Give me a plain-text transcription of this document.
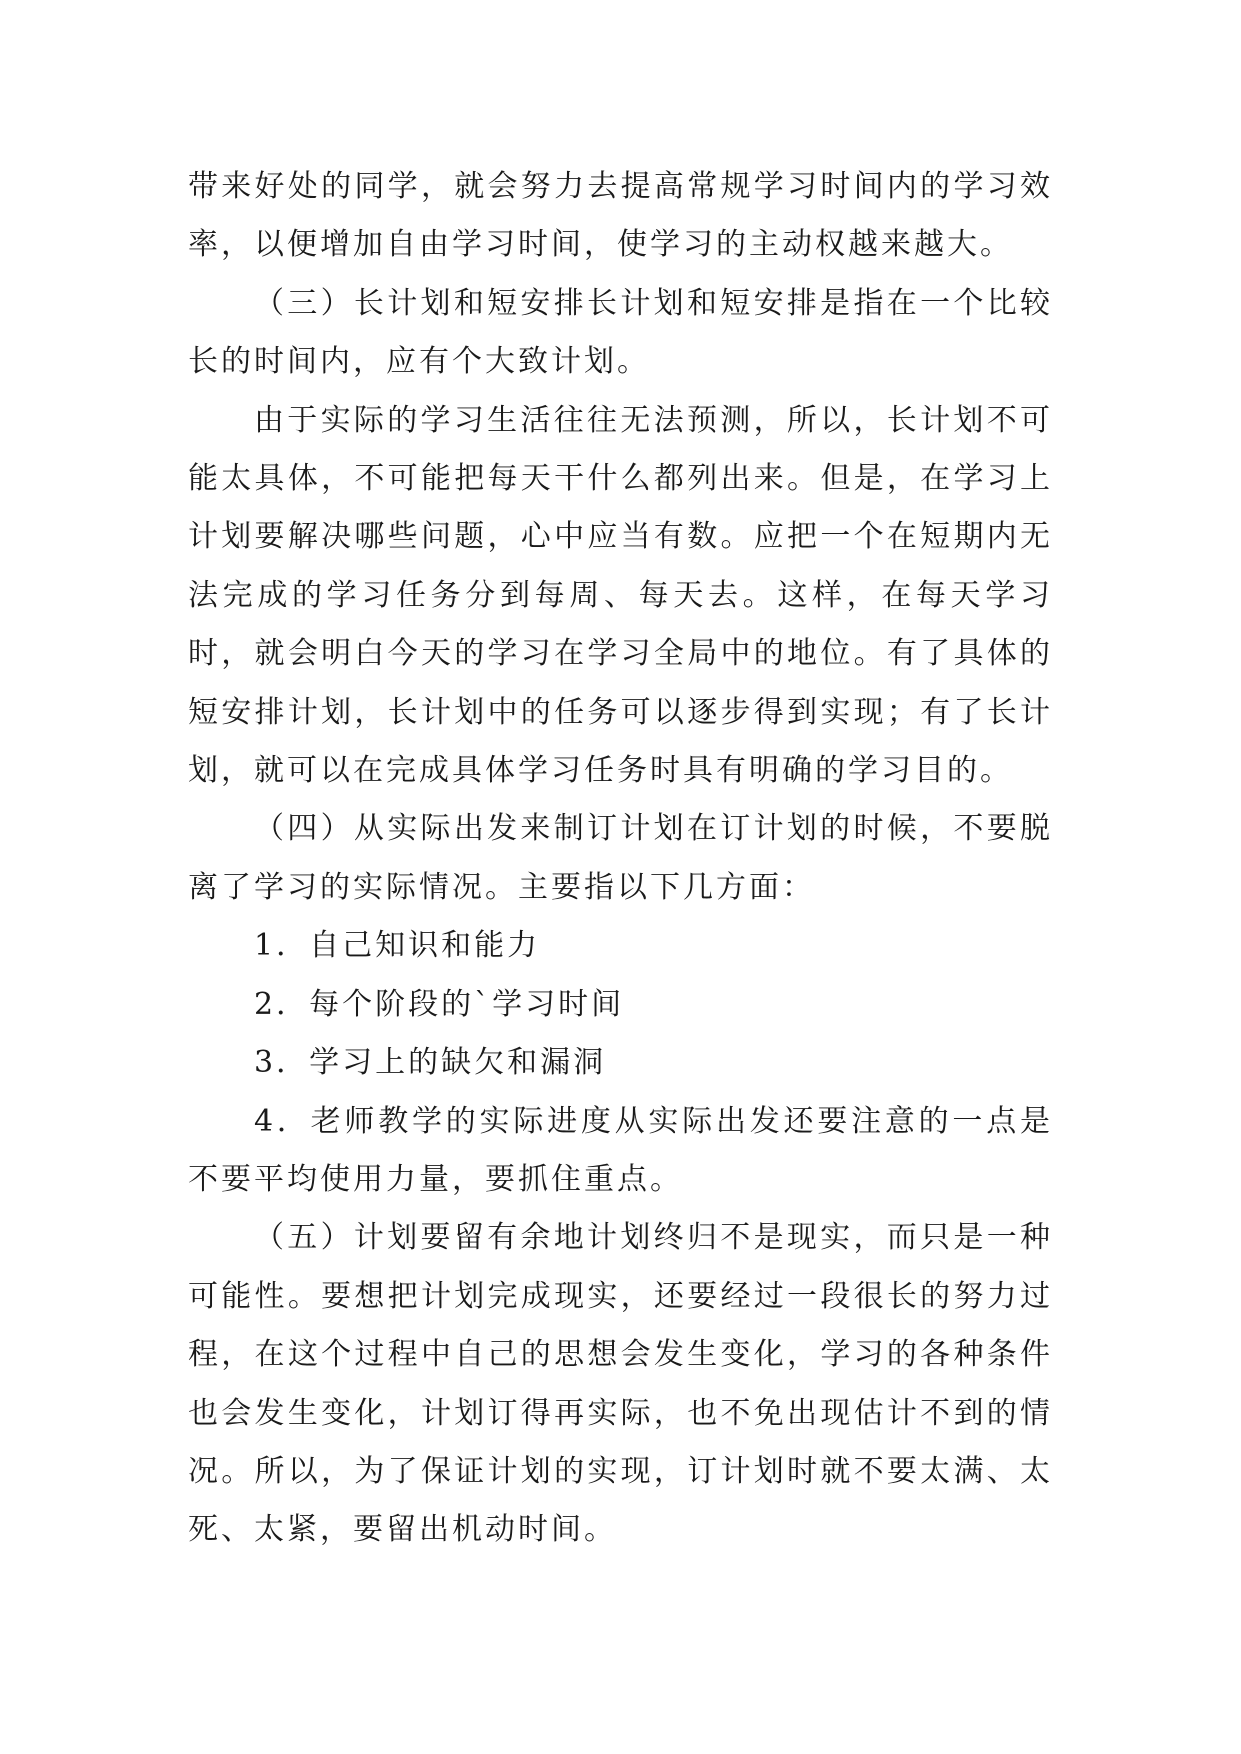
带来好处的同学，就会努力去提高常规学习时间内的学习效率，以便增加自由学习时间，使学习的主动权越来越大。

（三）长计划和短安排长计划和短安排是指在一个比较长的时间内，应有个大致计划。

由于实际的学习生活往往无法预测，所以，长计划不可能太具体，不可能把每天干什么都列出来。但是，在学习上计划要解决哪些问题，心中应当有数。应把一个在短期内无法完成的学习任务分到每周、每天去。这样，在每天学习时，就会明白今天的学习在学习全局中的地位。有了具体的短安排计划，长计划中的任务可以逐步得到实现；有了长计划，就可以在完成具体学习任务时具有明确的学习目的。

（四）从实际出发来制订计划在订计划的时候，不要脱离了学习的实际情况。主要指以下几方面：

1．自己知识和能力

2．每个阶段的`学习时间

3．学习上的缺欠和漏洞

4．老师教学的实际进度从实际出发还要注意的一点是不要平均使用力量，要抓住重点。

（五）计划要留有余地计划终归不是现实，而只是一种可能性。要想把计划完成现实，还要经过一段很长的努力过程，在这个过程中自己的思想会发生变化，学习的各种条件也会发生变化，计划订得再实际，也不免出现估计不到的情况。所以，为了保证计划的实现，订计划时就不要太满、太死、太紧，要留出机动时间。
